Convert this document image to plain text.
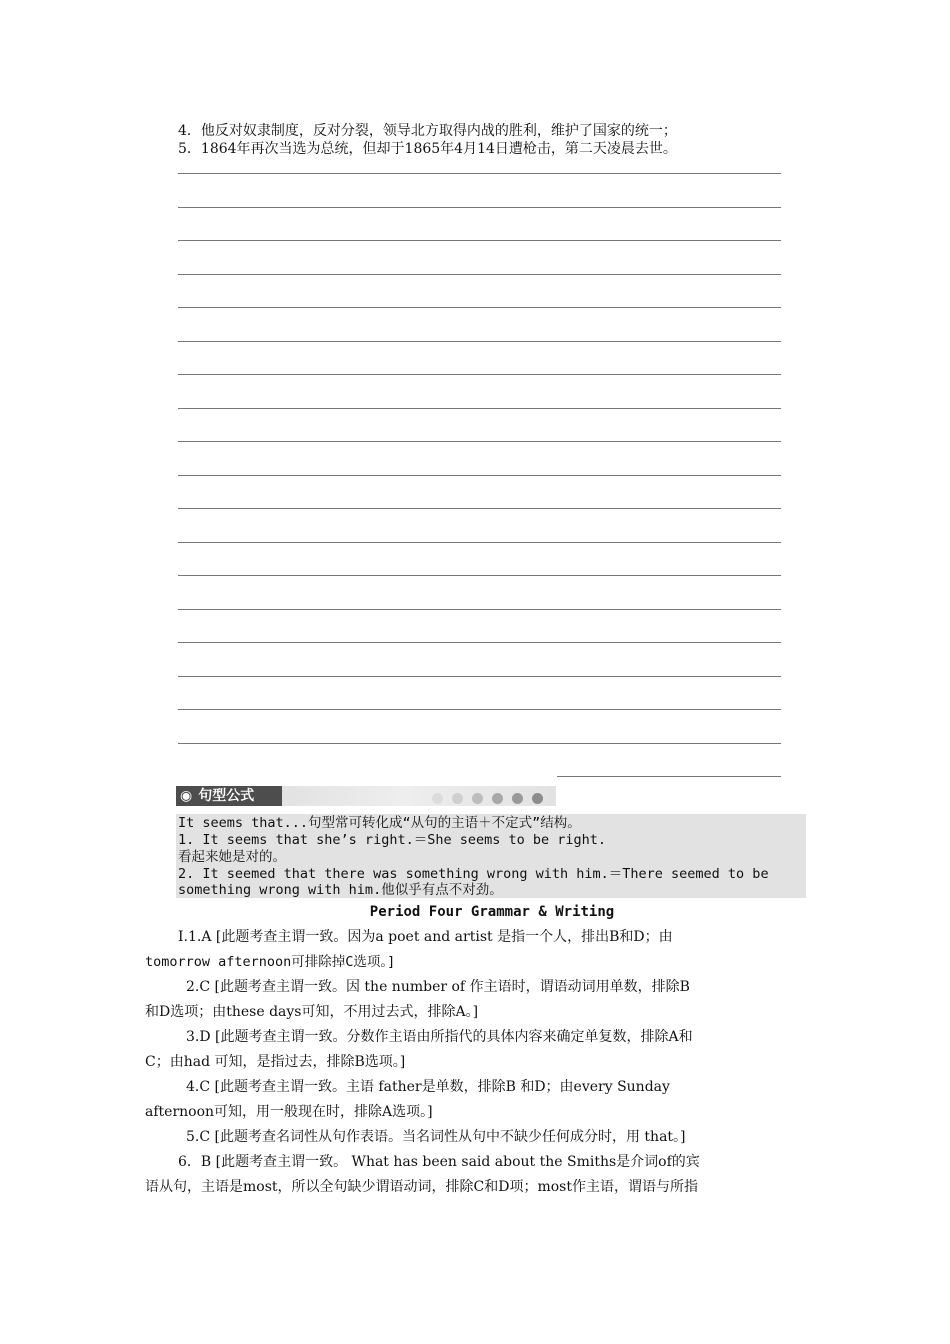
4．他反对奴隶制度，反对分裂，领导北方取得内战的胜利，维护了国家的统一；
5．1864年再次当选为总统，但却于1865年4月14日遭枪击，第二天凌晨去世。
◉ 句型公式
It seems that...句型常可转化成“从句的主语＋不定式”结构。
1. It seems that she’s right.＝She seems to be right.
看起来她是对的。
2. It seemed that there was something wrong with him.＝There seemed to be
something wrong with him.他似乎有点不对劲。
Period Four Grammar & Writing
Ⅰ.1.A [此题考查主谓一致。因为a poet and artist 是指一个人，排出B和D；由
tomorrow afternoon可排除掉C选项。]
2.C [此题考查主谓一致。因 the number of 作主语时，谓语动词用单数，排除B
和D选项；由these days可知，不用过去式，排除A。]
3.D [此题考查主谓一致。分数作主语由所指代的具体内容来确定单复数，排除A和
C；由had 可知，是指过去，排除B选项。]
4.C [此题考查主谓一致。主语 father是单数，排除B 和D；由every Sunday
afternoon可知，用一般现在时，排除A选项。]
5.C [此题考查名词性从句作表语。当名词性从句中不缺少任何成分时，用 that。]
6．B [此题考查主谓一致。 What has been said about the Smiths是介词of的宾
语从句，主语是most，所以全句缺少谓语动词，排除C和D项；most作主语，谓语与所指
